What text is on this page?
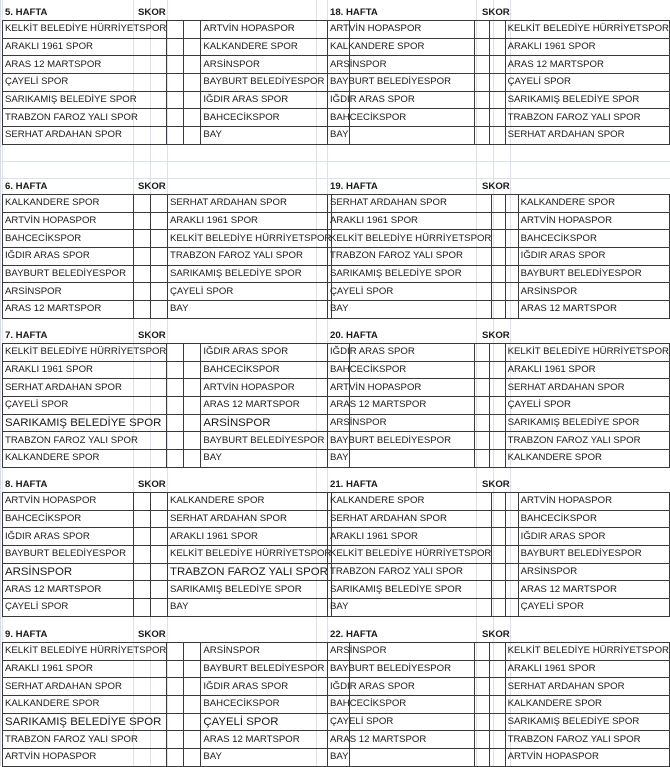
5. HAFTA	SKOR
KELKİT BELEDİYE HÜRRİYETSPOR			ARTVİN HOPASPOR
ARAKLI 1961 SPOR			KALKANDERE SPOR
ARAS 12 MARTSPOR			ARSİNSPOR
ÇAYELİ SPOR			BAYBURT BELEDİYESPOR
SARIKAMIŞ BELEDİYE SPOR			IĞDIR ARAS SPOR
TRABZON FAROZ YALI SPOR			BAHCECİKSPOR
SERHAT ARDAHAN SPOR			BAY
6. HAFTA	SKOR
KALKANDERE SPOR			SERHAT ARDAHAN SPOR
ARTVİN HOPASPOR			ARAKLI 1961 SPOR
BAHCECİKSPOR			KELKİT BELEDİYE HÜRRİYETSPOR
IĞDIR ARAS SPOR			TRABZON FAROZ YALI SPOR
BAYBURT BELEDİYESPOR			SARIKAMIŞ BELEDİYE SPOR
ARSİNSPOR			ÇAYELİ SPOR
ARAS 12 MARTSPOR			BAY
7. HAFTA	SKOR
KELKİT BELEDİYE HÜRRİYETSPOR			IĞDIR ARAS SPOR
ARAKLI 1961 SPOR			BAHCECİKSPOR
SERHAT ARDAHAN SPOR			ARTVİN HOPASPOR
ÇAYELİ SPOR			ARAS 12 MARTSPOR
SARIKAMIŞ BELEDİYE SPOR			ARSİNSPOR
TRABZON FAROZ YALI SPOR			BAYBURT BELEDİYESPOR
KALKANDERE SPOR			BAY
8. HAFTA	SKOR
ARTVİN HOPASPOR			KALKANDERE SPOR
BAHCECİKSPOR			SERHAT ARDAHAN SPOR
IĞDIR ARAS SPOR			ARAKLI 1961 SPOR
BAYBURT BELEDİYESPOR			KELKİT BELEDİYE HÜRRİYETSPOR
ARSİNSPOR			TRABZON FAROZ YALI SPOR
ARAS 12 MARTSPOR			SARIKAMIŞ BELEDİYE SPOR
ÇAYELİ SPOR			BAY
9. HAFTA	SKOR
KELKİT BELEDİYE HÜRRİYETSPOR			ARSİNSPOR
ARAKLI 1961 SPOR			BAYBURT BELEDİYESPOR
SERHAT ARDAHAN SPOR			IĞDIR ARAS SPOR
KALKANDERE SPOR			BAHCECİKSPOR
SARIKAMIŞ BELEDİYE SPOR			ÇAYELİ SPOR
TRABZON FAROZ YALI SPOR			ARAS 12 MARTSPOR
ARTVİN HOPASPOR			BAY
18. HAFTA	SKOR
ARTVİN HOPASPOR			KELKİT BELEDİYE HÜRRİYETSPOR
KALKANDERE SPOR			ARAKLI 1961 SPOR
ARSİNSPOR			ARAS 12 MARTSPOR
BAYBURT BELEDİYESPOR			ÇAYELİ SPOR
IĞDIR ARAS SPOR			SARIKAMIŞ BELEDİYE SPOR
BAHCECİKSPOR			TRABZON FAROZ YALI SPOR
BAY			SERHAT ARDAHAN SPOR
19. HAFTA	SKOR
SERHAT ARDAHAN SPOR			KALKANDERE SPOR
ARAKLI 1961 SPOR			ARTVİN HOPASPOR
KELKİT BELEDİYE HÜRRİYETSPOR			BAHCECİKSPOR
TRABZON FAROZ YALI SPOR			IĞDIR ARAS SPOR
SARIKAMIŞ BELEDİYE SPOR			BAYBURT BELEDİYESPOR
ÇAYELİ SPOR			ARSİNSPOR
BAY			ARAS 12 MARTSPOR
20. HAFTA	SKOR
IĞDIR ARAS SPOR			KELKİT BELEDİYE HÜRRİYETSPOR
BAHCECİKSPOR			ARAKLI 1961 SPOR
ARTVİN HOPASPOR			SERHAT ARDAHAN SPOR
ARAS 12 MARTSPOR			ÇAYELİ SPOR
ARSİNSPOR			SARIKAMIŞ BELEDİYE SPOR
BAYBURT BELEDİYESPOR			TRABZON FAROZ YALI SPOR
BAY			KALKANDERE SPOR
21. HAFTA	SKOR
KALKANDERE SPOR			ARTVİN HOPASPOR
SERHAT ARDAHAN SPOR			BAHCECİKSPOR
ARAKLI 1961 SPOR			IĞDIR ARAS SPOR
KELKİT BELEDİYE HÜRRİYETSPOR			BAYBURT BELEDİYESPOR
TRABZON FAROZ YALI SPOR			ARSİNSPOR
SARIKAMIŞ BELEDİYE SPOR			ARAS 12 MARTSPOR
BAY			ÇAYELİ SPOR
22. HAFTA	SKOR
ARSİNSPOR			KELKİT BELEDİYE HÜRRİYETSPOR
BAYBURT BELEDİYESPOR			ARAKLI 1961 SPOR
IĞDIR ARAS SPOR			SERHAT ARDAHAN SPOR
BAHCECİKSPOR			KALKANDERE SPOR
ÇAYELİ SPOR			SARIKAMIŞ BELEDİYE SPOR
ARAS 12 MARTSPOR			TRABZON FAROZ YALI SPOR
BAY			ARTVİN HOPASPOR
